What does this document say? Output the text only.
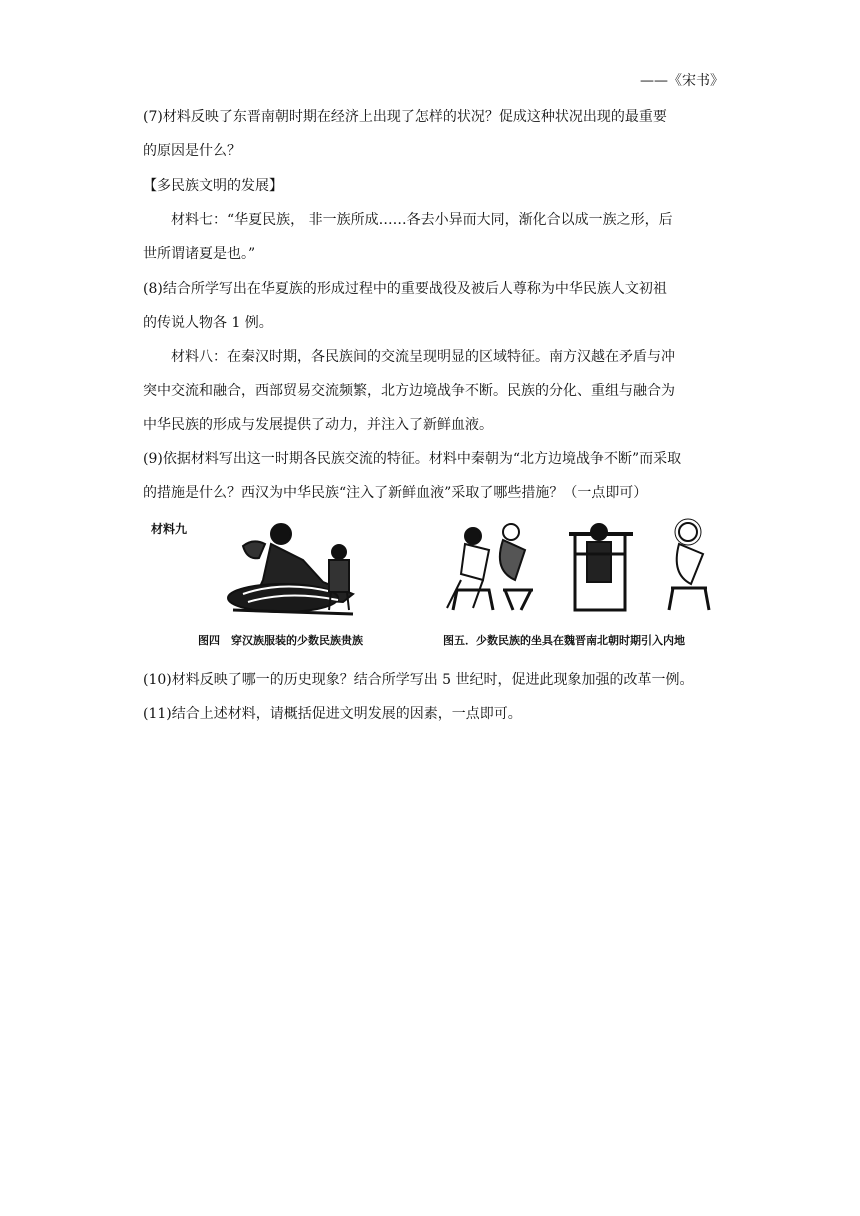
——《宋书》
(7)材料反映了东晋南朝时期在经济上出现了怎样的状况？促成这种状况出现的最重要
的原因是什么？
【多民族文明的发展】
材料七：“华夏民族， 非一族所成……各去小异而大同，渐化合以成一族之形，后
世所谓诸夏是也。”
(8)结合所学写出在华夏族的形成过程中的重要战役及被后人尊称为中华民族人文初祖
的传说人物各 1 例。
材料八：在秦汉时期，各民族间的交流呈现明显的区域特征。南方汉越在矛盾与冲
突中交流和融合，西部贸易交流频繁，北方边境战争不断。民族的分化、重组与融合为
中华民族的形成与发展提供了动力，并注入了新鲜血液。
(9)依据材料写出这一时期各民族交流的特征。材料中秦朝为“北方边境战争不断”而采取
的措施是什么？西汉为中华民族“注入了新鲜血液”采取了哪些措施？（一点即可）
材料九
图四　穿汉族服装的少数民族贵族	图五．少数民族的坐具在魏晋南北朝时期引入内地
(10)材料反映了哪一的历史现象？结合所学写出 5 世纪时，促进此现象加强的改革一例。
(11)结合上述材料，请概括促进文明发展的因素，一点即可。
